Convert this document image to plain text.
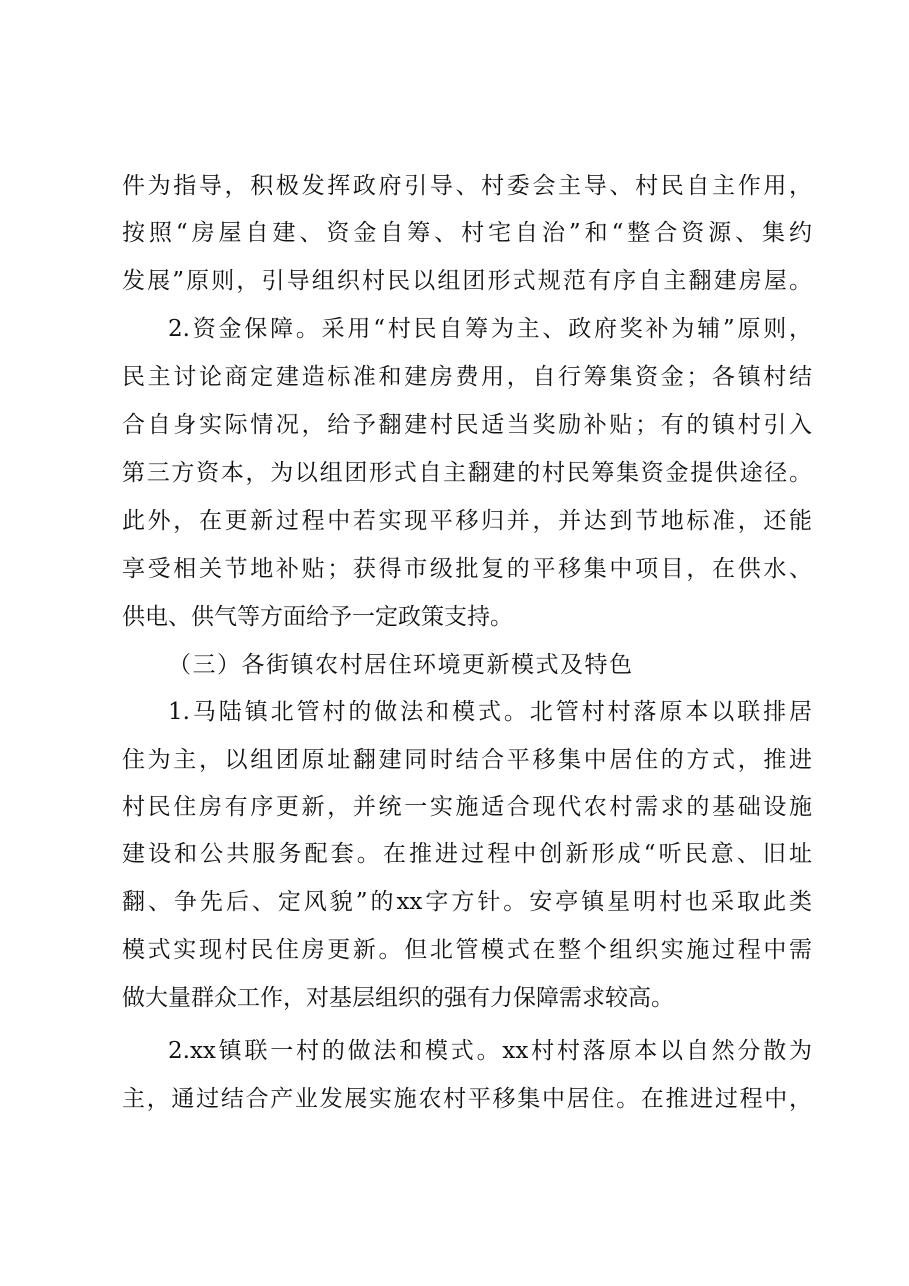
件为指导，积极发挥政府引导、村委会主导、村民自主作用，
按照“房屋自建、资金自筹、村宅自治”和“整合资源、集约
发展”原则，引导组织村民以组团形式规范有序自主翻建房屋。
2.资金保障。采用“村民自筹为主、政府奖补为辅”原则，
民主讨论商定建造标准和建房费用，自行筹集资金；各镇村结
合自身实际情况，给予翻建村民适当奖励补贴；有的镇村引入
第三方资本，为以组团形式自主翻建的村民筹集资金提供途径。
此外，在更新过程中若实现平移归并，并达到节地标准，还能
享受相关节地补贴；获得市级批复的平移集中项目，在供水、
供电、供气等方面给予一定政策支持。
（三）各街镇农村居住环境更新模式及特色
1.马陆镇北管村的做法和模式。北管村村落原本以联排居
住为主，以组团原址翻建同时结合平移集中居住的方式，推进
村民住房有序更新，并统一实施适合现代农村需求的基础设施
建设和公共服务配套。在推进过程中创新形成“听民意、旧址
翻、争先后、定风貌”的xx字方针。安亭镇星明村也采取此类
模式实现村民住房更新。但北管模式在整个组织实施过程中需
做大量群众工作，对基层组织的强有力保障需求较高。
2.xx镇联一村的做法和模式。xx村村落原本以自然分散为
主，通过结合产业发展实施农村平移集中居住。在推进过程中，
